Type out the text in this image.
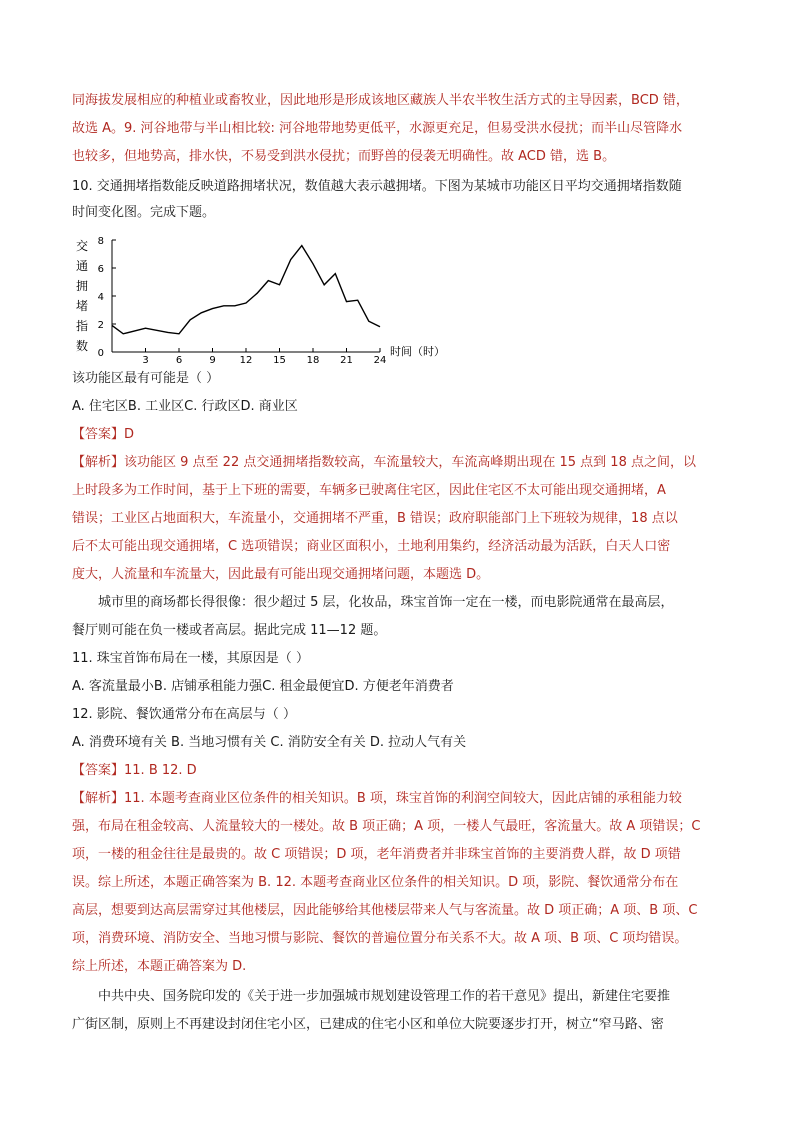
同海拔发展相应的种植业或畜牧业，因此地形是形成该地区藏族人半农半牧生活方式的主导因素，BCD 错，
故选 A。9. 河谷地带与半山相比较: 河谷地带地势更低平，水源更充足，但易受洪水侵扰；而半山尽管降水
也较多，但地势高，排水快，不易受到洪水侵扰；而野兽的侵袭无明确性。故 ACD 错，选 B。
10. 交通拥堵指数能反映道路拥堵状况，数值越大表示越拥堵。下图为某城市功能区日平均交通拥堵指数随
时间变化图。完成下题。
交
通
拥
堵
指
数
3	6	9 12 15 18 21 24
0
2
4
6
8
时间（时）
该功能区最有可能是（ ）
A. 住宅区B. 工业区C. 行政区D. 商业区
【答案】D
【解析】该功能区 9 点至 22 点交通拥堵指数较高，车流量较大，车流高峰期出现在 15 点到 18 点之间，以
上时段多为工作时间，基于上下班的需要，车辆多已驶离住宅区，因此住宅区不太可能出现交通拥堵，A
错误；工业区占地面积大，车流量小，交通拥堵不严重，B 错误；政府职能部门上下班较为规律，18 点以
后不太可能出现交通拥堵，C 选项错误；商业区面积小，土地利用集约，经济活动最为活跃，白天人口密
度大，人流量和车流量大，因此最有可能出现交通拥堵问题，本题选 D。
城市里的商场都长得很像：很少超过 5 层，化妆品，珠宝首饰一定在一楼，而电影院通常在最高层，
餐厅则可能在负一楼或者高层。据此完成 11—12 题。
11. 珠宝首饰布局在一楼，其原因是（ ）
A. 客流量最小B. 店铺承租能力强C. 租金最便宜D. 方便老年消费者
12. 影院、餐饮通常分布在高层与（ ）
A. 消费环境有关 B. 当地习惯有关 C. 消防安全有关 D. 拉动人气有关
【答案】11. B 12. D
【解析】11. 本题考查商业区位条件的相关知识。B 项，珠宝首饰的利润空间较大，因此店铺的承租能力较
强，布局在租金较高、人流量较大的一楼处。故 B 项正确；A 项，一楼人气最旺，客流量大。故 A 项错误；C
项，一楼的租金往往是最贵的。故 C 项错误；D 项，老年消费者并非珠宝首饰的主要消费人群，故 D 项错
误。综上所述，本题正确答案为 B. 12. 本题考查商业区位条件的相关知识。D 项，影院、餐饮通常分布在
高层，想要到达高层需穿过其他楼层，因此能够给其他楼层带来人气与客流量。故 D 项正确；A 项、B 项、C
项，消费环境、消防安全、当地习惯与影院、餐饮的普遍位置分布关系不大。故 A 项、B 项、C 项均错误。
综上所述，本题正确答案为 D.
中共中央、国务院印发的《关于进一步加强城市规划建设管理工作的若干意见》提出，新建住宅要推
广街区制，原则上不再建设封闭住宅小区，已建成的住宅小区和单位大院要逐步打开，树立“窄马路、密
